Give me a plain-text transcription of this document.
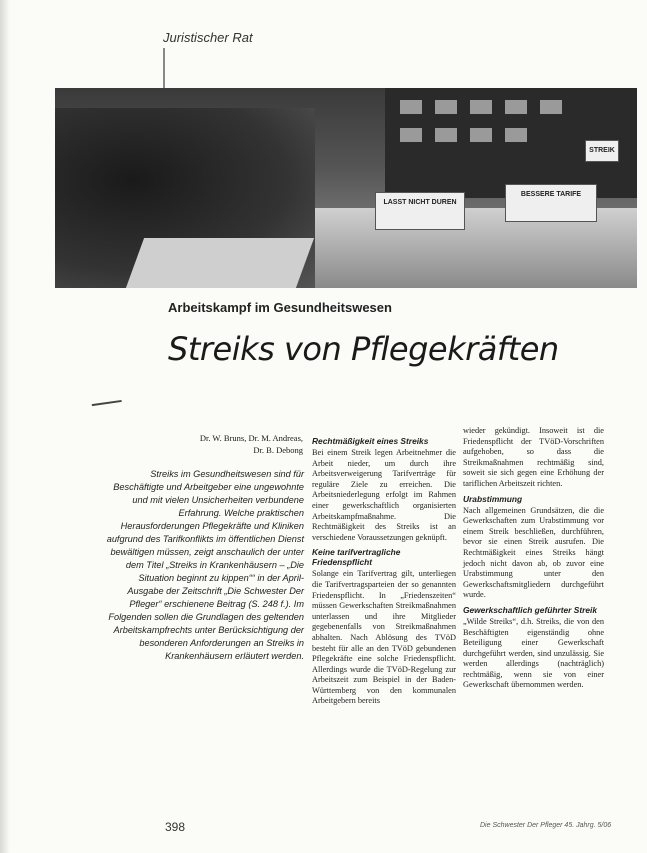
Juristischer Rat
LASST NICHT DUREN
BESSERE TARIFE
STREIK
Arbeitskampf im Gesundheitswesen
Streiks von Pflegekräften
Dr. W. Bruns, Dr. M. Andreas,
Dr. B. Debong
Streiks im Gesundheitswesen sind für Beschäftigte und Arbeitgeber eine ungewohnte und mit vielen Unsicherheiten verbundene Erfahrung. Welche praktischen Herausforderungen Pflegekräfte und Kliniken aufgrund des Tarifkonflikts im öffentlichen Dienst bewältigen müssen, zeigt anschaulich der unter dem Titel „Streiks in Krankenhäusern – „Die Situation beginnt zu kippen““ in der April-Ausgabe der Zeitschrift „Die Schwester Der Pfleger“ erschienene Beitrag (S. 248 f.). Im Folgenden sollen die Grundlagen des geltenden Arbeitskampfrechts unter Berücksichtigung der besonderen Anforderungen an Streiks in Krankenhäusern erläutert werden.
Rechtmäßigkeit eines Streiks

Bei einem Streik legen Arbeitnehmer die Arbeit nieder, um durch ihre Arbeitsverweigerung Tarifverträge für reguläre Ziele zu erreichen. Die Arbeitsniederlegung erfolgt im Rahmen einer gewerkschaftlich organisierten Arbeitskampfmaßnahme. Die Rechtmäßigkeit des Streiks ist an verschiedene Voraussetzungen geknüpft.

Keine tarifvertragliche Friedenspflicht

Solange ein Tarifvertrag gilt, unterliegen die Tarifvertragsparteien der so genannten Friedenspflicht. In „Friedenszeiten“ müssen Gewerkschaften Streikmaßnahmen unterlassen und ihre Mitglieder gegebenenfalls von Streikmaßnahmen abhalten. Nach Ablösung des TVöD besteht für alle an den TVöD gebundenen Pflegekräfte eine solche Friedenspflicht. Allerdings wurde die TVöD-Regelung zur Arbeitszeit zum Beispiel in der Baden-Württemberg von den kommunalen Arbeitgebern bereits

wieder gekündigt. Insoweit ist die Friedenspflicht der TVöD-Vorschriften aufgehoben, so dass die Streikmaßnahmen rechtmäßig sind, soweit sie sich gegen eine Erhöhung der tariflichen Arbeitszeit richten.

Urabstimmung

Nach allgemeinen Grundsätzen, die die Gewerkschaften zum Urabstimmung vor einem Streik beschließen, durchführen, bevor sie einen Streik ausrufen. Die Rechtmäßigkeit eines Streiks hängt jedoch nicht davon ab, ob zuvor eine Urabstimmung unter den Gewerkschaftsmitgliedern durchgeführt wurde.

Gewerkschaftlich geführter Streik

„Wilde Streiks“, d.h. Streiks, die von den Beschäftigten eigenständig ohne Beteiligung einer Gewerkschaft durchgeführt werden, sind unzulässig. Sie werden allerdings (nachträglich) rechtmäßig, wenn sie von einer Gewerkschaft übernommen werden.

398	Die Schwester Der Pfleger 45. Jahrg. 5/06
